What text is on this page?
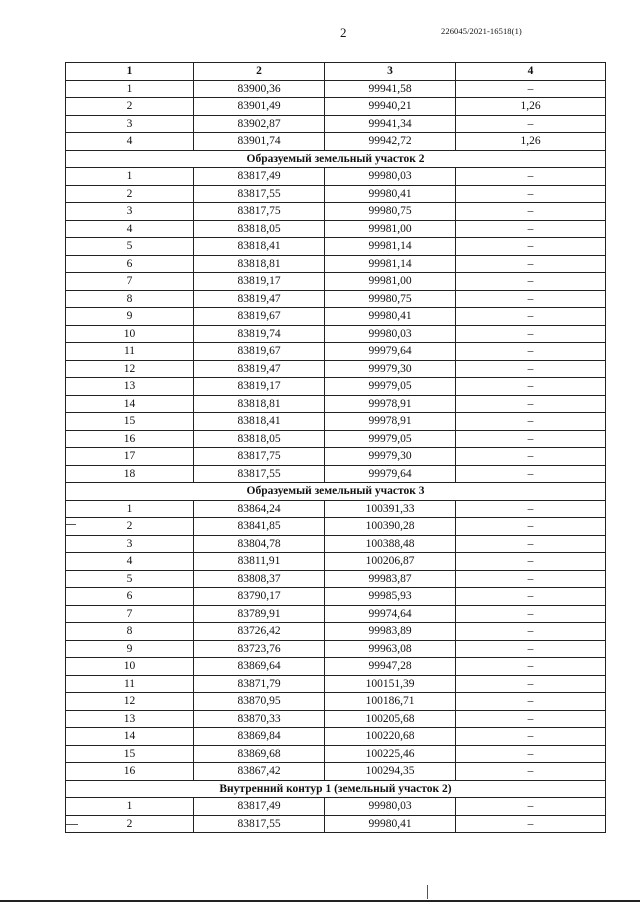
2	226045/2021-16518(1)
1	2	3	4
1	83900,36	99941,58	–
2	83901,49	99940,21	1,26
3	83902,87	99941,34	–
4	83901,74	99942,72	1,26
Образуемый земельный участок 2			
1	83817,49	99980,03	–
2	83817,55	99980,41	–
3	83817,75	99980,75	–
4	83818,05	99981,00	–
5	83818,41	99981,14	–
6	83818,81	99981,14	–
7	83819,17	99981,00	–
8	83819,47	99980,75	–
9	83819,67	99980,41	–
10	83819,74	99980,03	–
11	83819,67	99979,64	–
12	83819,47	99979,30	–
13	83819,17	99979,05	–
14	83818,81	99978,91	–
15	83818,41	99978,91	–
16	83818,05	99979,05	–
17	83817,75	99979,30	–
18	83817,55	99979,64	–
Образуемый земельный участок 3			
1	83864,24	100391,33	–
2	83841,85	100390,28	–
3	83804,78	100388,48	–
4	83811,91	100206,87	–
5	83808,37	99983,87	–
6	83790,17	99985,93	–
7	83789,91	99974,64	–
8	83726,42	99983,89	–
9	83723,76	99963,08	–
10	83869,64	99947,28	–
11	83871,79	100151,39	–
12	83870,95	100186,71	–
13	83870,33	100205,68	–
14	83869,84	100220,68	–
15	83869,68	100225,46	–
16	83867,42	100294,35	–
Внутренний контур 1 (земельный участок 2)			
1	83817,49	99980,03	–
2	83817,55	99980,41	–
